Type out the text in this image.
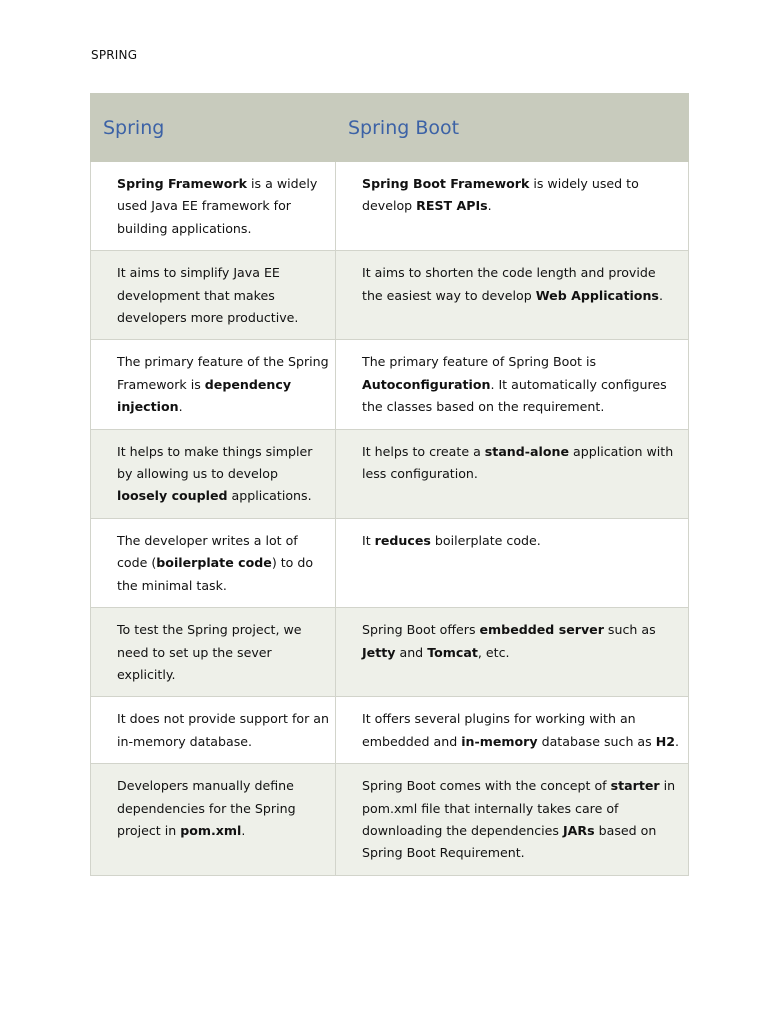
SPRING
Spring	Spring Boot
Spring Framework is a widely used Java EE framework for building applications.	Spring Boot Framework is widely used to develop REST APIs.
It aims to simplify Java EE development that makes developers more productive.	It aims to shorten the code length and provide the easiest way to develop Web Applications.
The primary feature of the Spring Framework is dependency injection.	The primary feature of Spring Boot is Autoconfiguration. It automatically configures the classes based on the requirement.
It helps to make things simpler by allowing us to develop loosely coupled applications.	It helps to create a stand-alone application with less configuration.
The developer writes a lot of code (boilerplate code) to do the minimal task.	It reduces boilerplate code.
To test the Spring project, we need to set up the sever explicitly.	Spring Boot offers embedded server such as Jetty and Tomcat, etc.
It does not provide support for an in-memory database.	It offers several plugins for working with an embedded and in-memory database such as H2.
Developers manually define dependencies for the Spring project in pom.xml.	Spring Boot comes with the concept of starter in pom.xml file that internally takes care of downloading the dependencies JARs based on Spring Boot Requirement.
